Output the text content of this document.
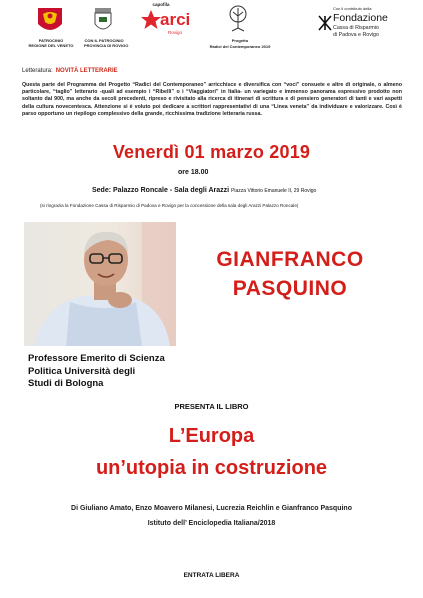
PATROCINIO
REGIONE DEL VENETO
CON IL PATROCINIO
PROVINCIA DI ROVIGO
capofila
arci
Rovigo
Progetto
Radici del Contemporaneo 2019
Con il contributo della
Fondazione
Cassa di Risparmio
di Padova e Rovigo
Letteratura: NOVITÀ LETTERARIE
Questa parte del Programma del Progetto “Radici del Contemporaneo” arricchisce e diversifica con “voci” consuete e altre di originale, o almeno particolare, “taglio” letterario -quali ad esempio i “Ribelli” o i “Viaggiatori” in Italia- un variegato e immenso panorama espressivo prodotto non soltanto dal 900, ma anche da secoli precedenti, ripreso e rivisitato alla ricerca di itinerari di scrittura e di pensiero generatori di tanti e vari aspetti della cultura novecentesca. Attenzione si è voluto poi dedicare a scrittori rappresentativi di una “Linea veneta” da individuare e valorizzare. Così è parso opportuno un riepilogo complessivo della grande, ricchissima tradizione letteraria russa.
Venerdì 01 marzo 2019
ore 18.00
Sede: Palazzo Roncale - Sala degli Arazzi Piazza Vittorio Emanuele II, 29 Rovigo
(si ringrazia la Fondazione Cassa di Risparmio di Padova e Rovigo per la concessione della sala degli Arazzi Palazzo Roncale)
GIANFRANCO
PASQUINO
Professore Emerito di Scienza
Politica Università degli
Studi di Bologna
PRESENTA IL LIBRO
L’Europa
un’utopia in costruzione
Di Giuliano Amato, Enzo Moavero Milanesi, Lucrezia Reichlin e Gianfranco Pasquino
Istituto dell’ Enciclopedia Italiana/2018
ENTRATA LIBERA
